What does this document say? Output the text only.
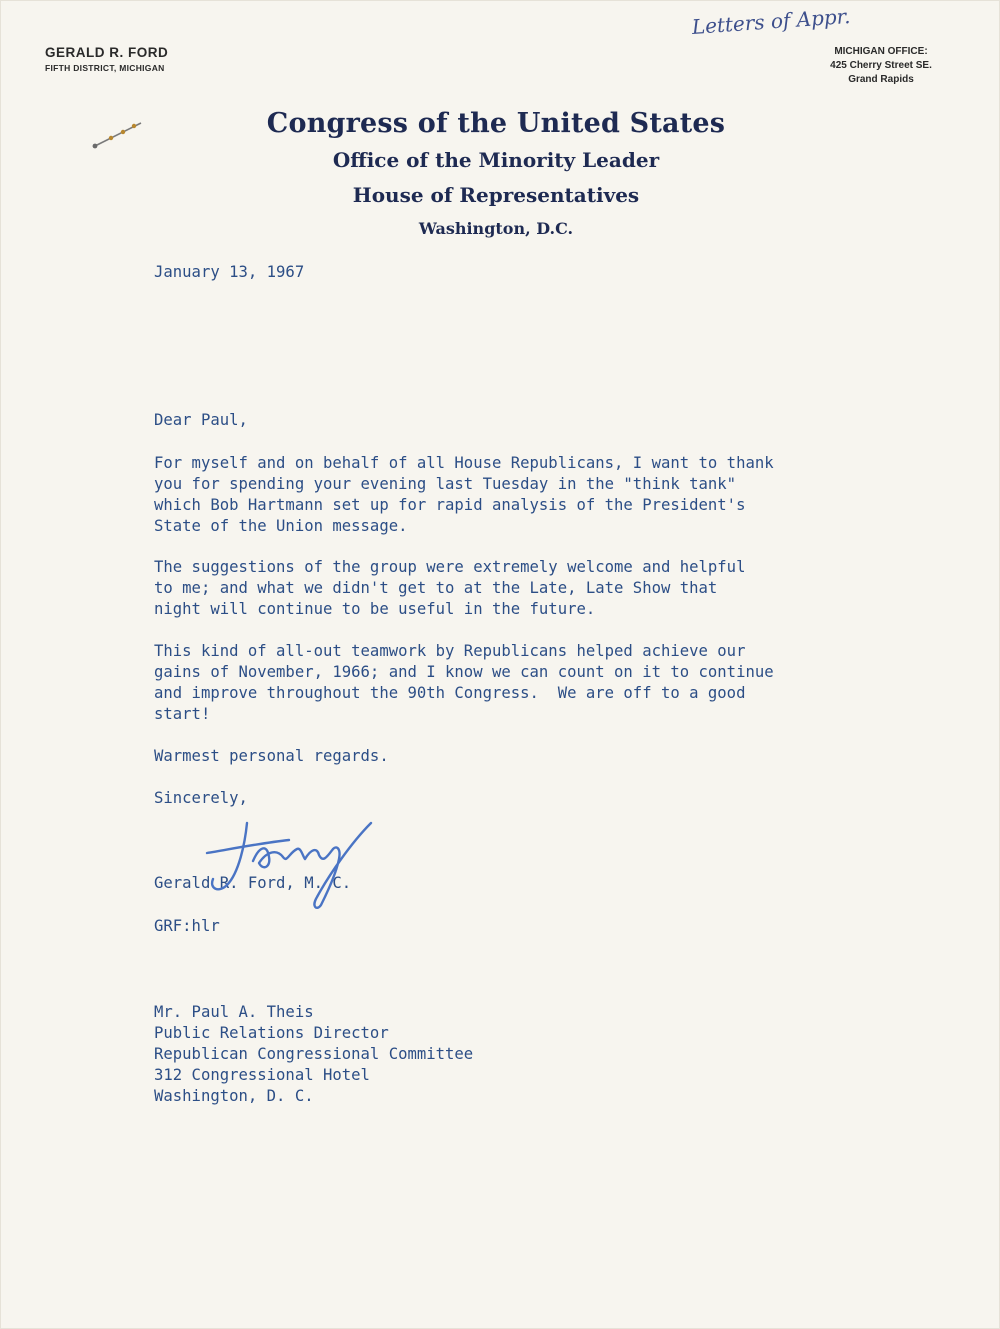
GERALD R. FORD
FIFTH DISTRICT, MICHIGAN
MICHIGAN OFFICE:
425 Cherry Street SE.
Grand Rapids
Letters of Appr.
Congress of the United States
Office of the Minority Leader
House of Representatives
Washington, D.C.
January 13, 1967
Dear Paul,
For myself and on behalf of all House Republicans, I want to thank
you for spending your evening last Tuesday in the "think tank"
which Bob Hartmann set up for rapid analysis of the President's
State of the Union message.
The suggestions of the group were extremely welcome and helpful
to me; and what we didn't get to at the Late, Late Show that
night will continue to be useful in the future.
This kind of all-out teamwork by Republicans helped achieve our
gains of November, 1966; and I know we can count on it to continue
and improve throughout the 90th Congress.  We are off to a good
start!
Warmest personal regards.
Sincerely,
Gerald R. Ford, M. C.
GRF:hlr
Mr. Paul A. Theis
Public Relations Director
Republican Congressional Committee
312 Congressional Hotel
Washington, D. C.
